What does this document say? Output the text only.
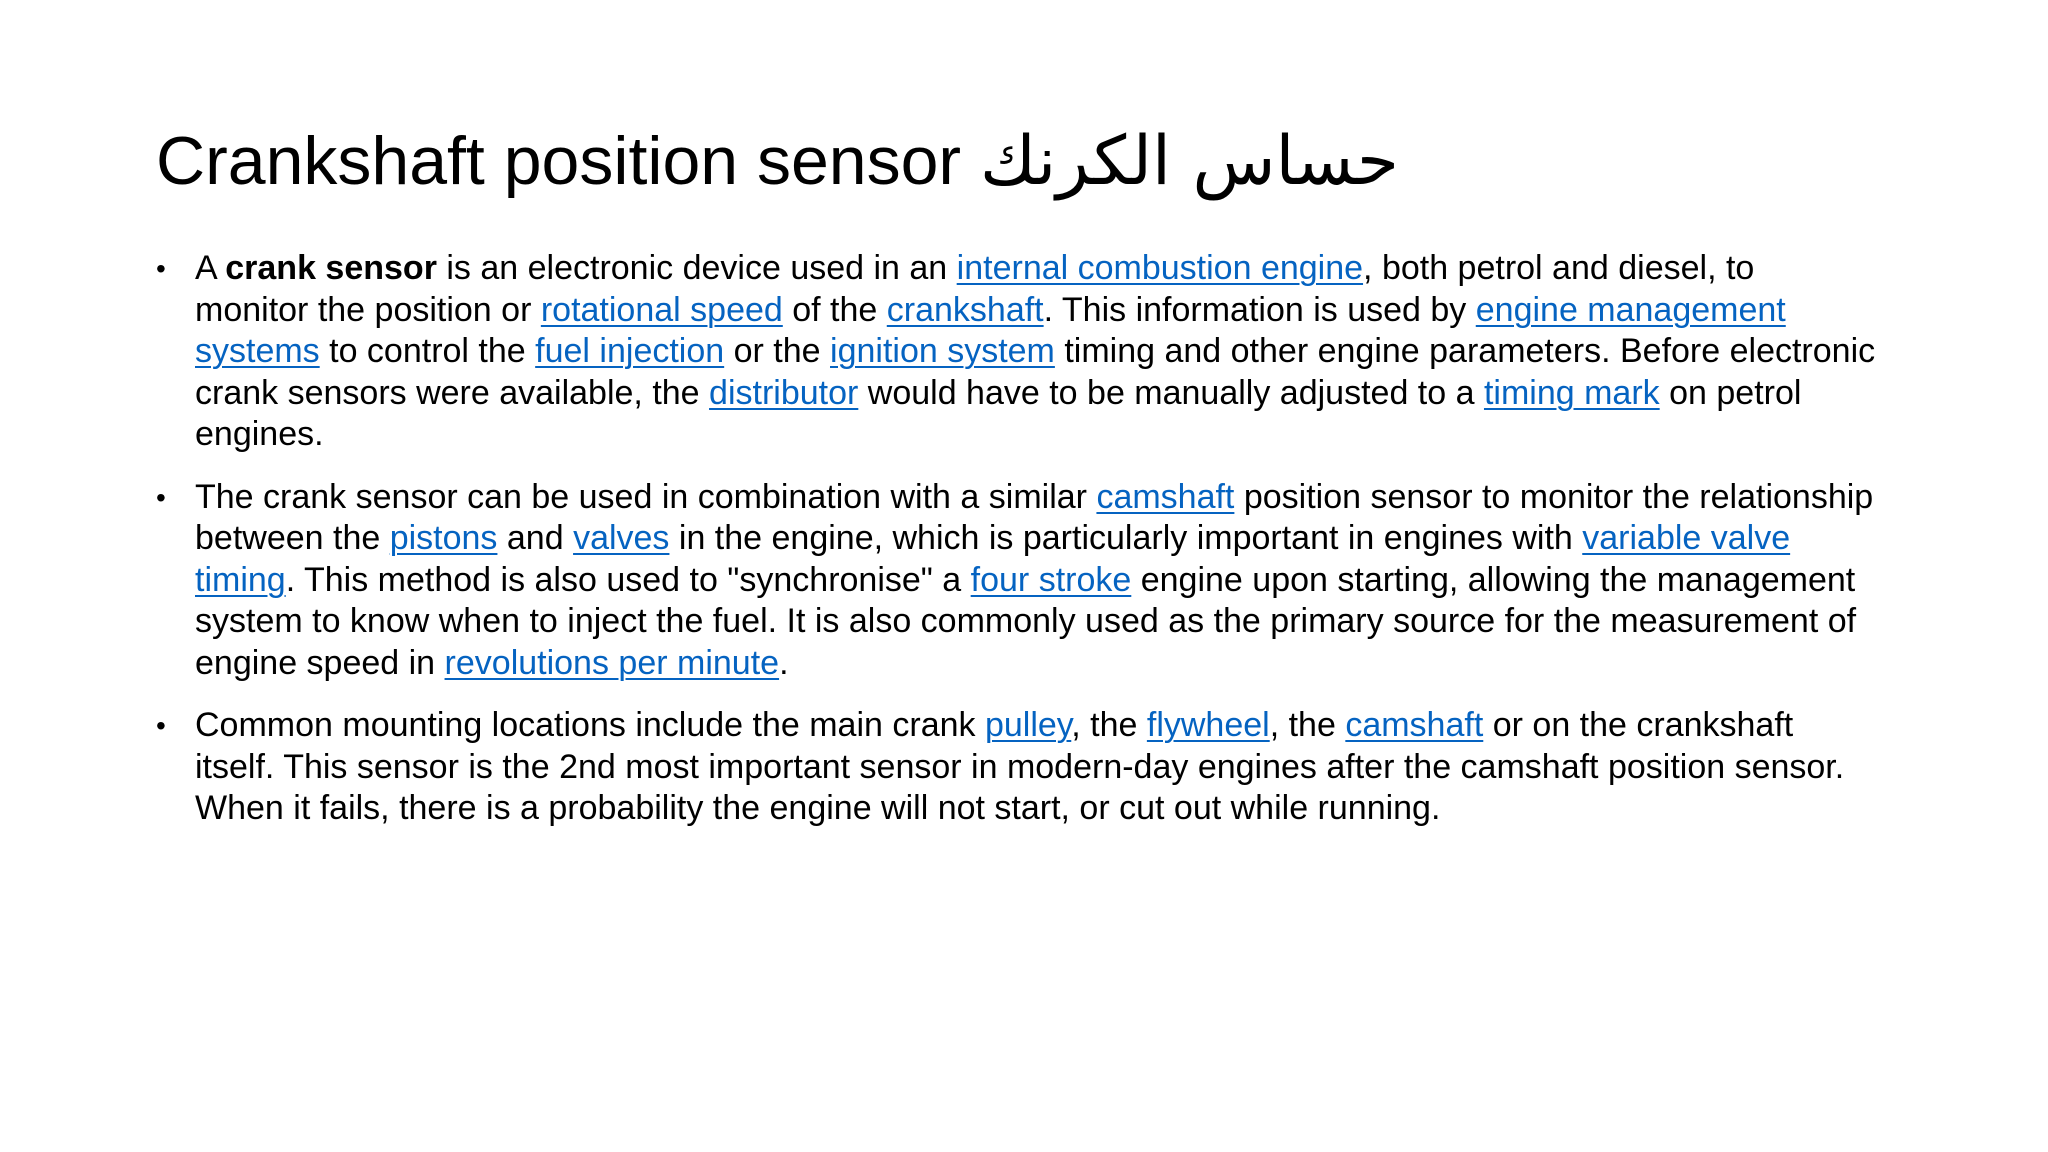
Crankshaft position sensor حساس الكرنك
• A crank sensor is an electronic device used in an internal combustion engine, both petrol and diesel, to monitor the position or rotational speed of the crankshaft. This information is used by engine management systems to control the fuel injection or the ignition system timing and other engine parameters. Before electronic crank sensors were available, the distributor would have to be manually adjusted to a timing mark on petrol engines.
• The crank sensor can be used in combination with a similar camshaft position sensor to monitor the relationship between the pistons and valves in the engine, which is particularly important in engines with variable valve timing. This method is also used to "synchronise" a four stroke engine upon starting, allowing the management system to know when to inject the fuel. It is also commonly used as the primary source for the measurement of engine speed in revolutions per minute.
• Common mounting locations include the main crank pulley, the flywheel, the camshaft or on the crankshaft itself. This sensor is the 2nd most important sensor in modern-day engines after the camshaft position sensor. When it fails, there is a probability the engine will not start, or cut out while running.
